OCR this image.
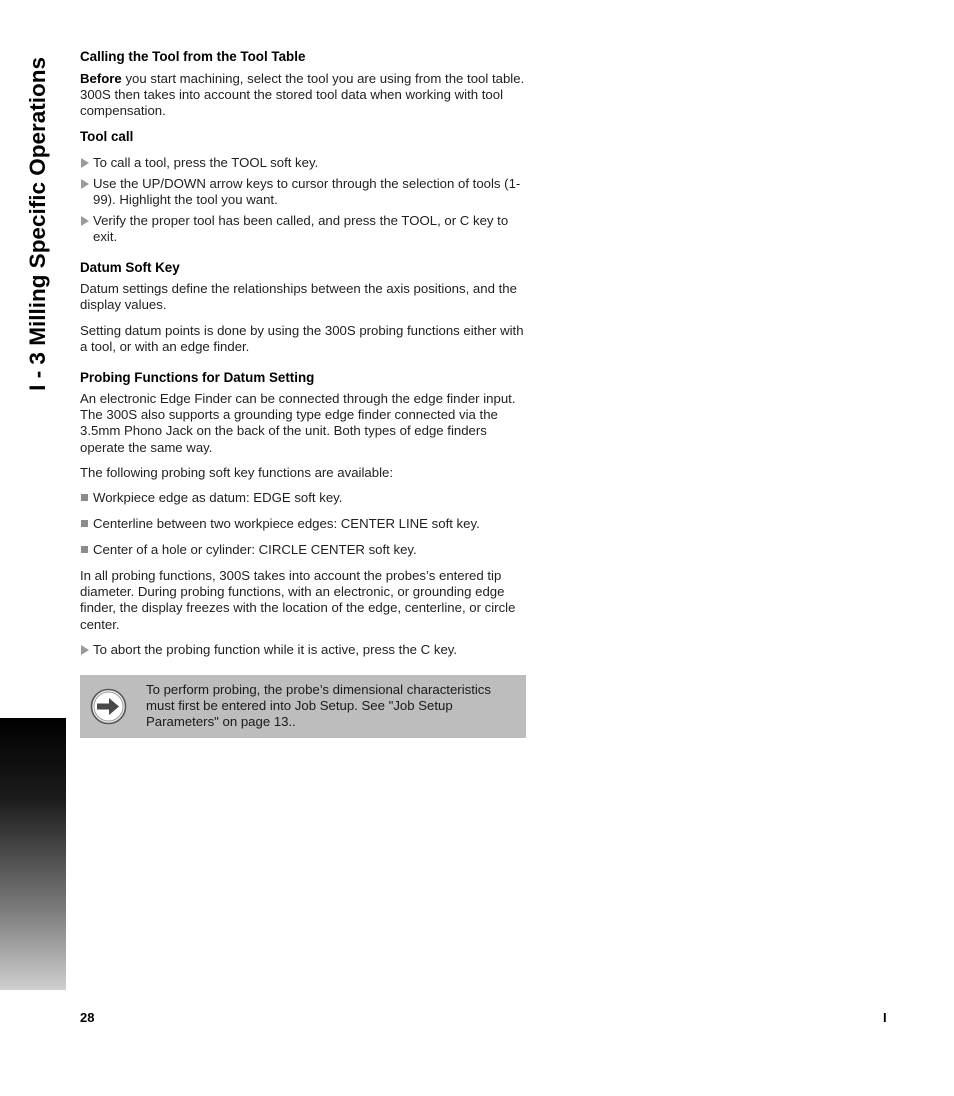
I - 3 Milling Specific Operations
Calling the Tool from the Tool Table

Before you start machining, select the tool you are using from the tool table. 300S then takes into account the stored tool data when working with tool compensation.

Tool call
To call a tool, press the TOOL soft key.
Use the UP/DOWN arrow keys to cursor through the selection of tools (1-99). Highlight the tool you want.
Verify the proper tool has been called, and press the TOOL, or C key to exit.
Datum Soft Key

Datum settings define the relationships between the axis positions, and the display values.

Setting datum points is done by using the 300S probing functions either with a tool, or with an edge finder.

Probing Functions for Datum Setting

An electronic Edge Finder can be connected through the edge finder input. The 300S also supports a grounding type edge finder connected via the 3.5mm Phono Jack on the back of the unit. Both types of edge finders operate the same way.

The following probing soft key functions are available:

Workpiece edge as datum: EDGE soft key.
Centerline between two workpiece edges: CENTER LINE soft key.
Center of a hole or cylinder: CIRCLE CENTER soft key.

In all probing functions, 300S takes into account the probes’s entered tip diameter. During probing functions, with an electronic, or grounding edge finder, the display freezes with the location of the edge, centerline, or circle center.

To abort the probing function while it is active, press the C key.
To perform probing, the probe’s dimensional characteristics must first be entered into Job Setup. See "Job Setup Parameters" on page 13..
28	I
